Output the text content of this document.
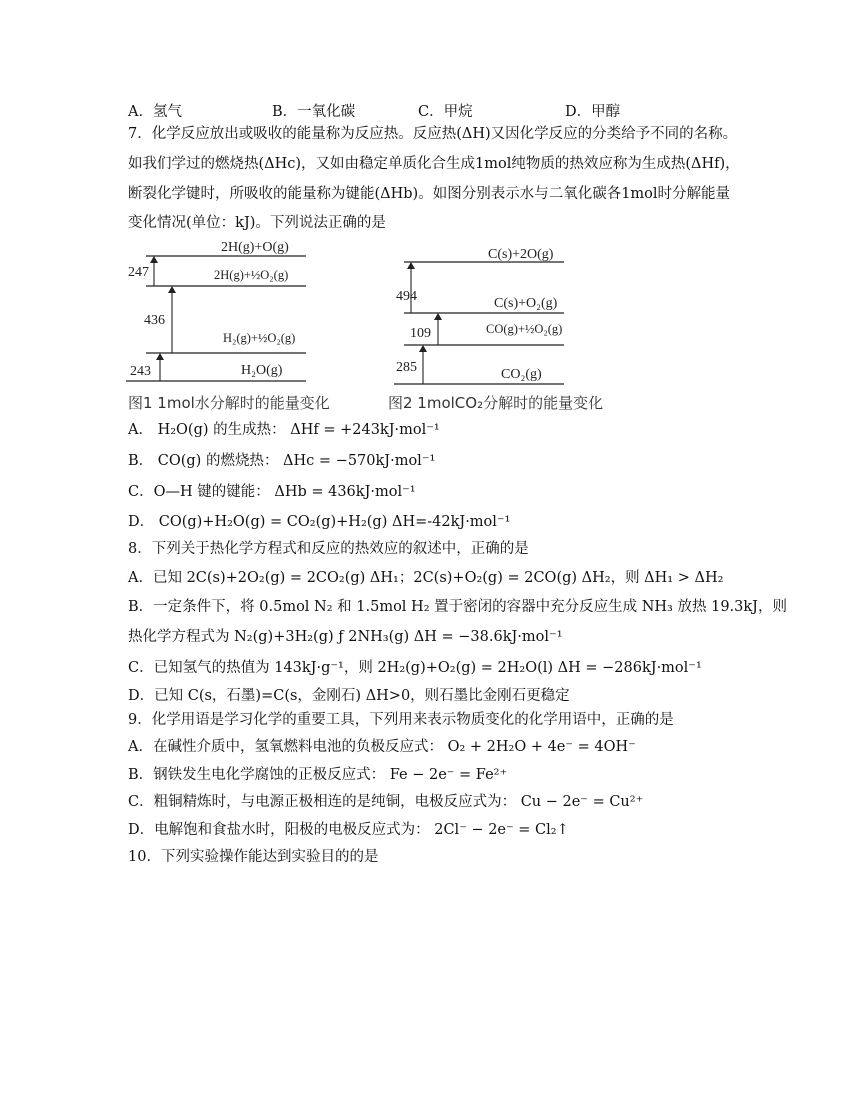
A．氢气	B．一氧化碳	C．甲烷	D．甲醇
7．化学反应放出或吸收的能量称为反应热。反应热(ΔH)又因化学反应的分类给予不同的名称。
如我们学过的燃烧热(ΔHc)，又如由稳定单质化合生成1mol纯物质的热效应称为生成热(ΔHf)，
断裂化学键时，所吸收的能量称为键能(ΔHb)。如图分别表示水与二氧化碳各1mol时分解能量
变化情况(单位：kJ)。下列说法正确的是
2H(g)+O(g)
2H(g)+½O₂(g)
H₂(g)+½O₂(g)
H₂O(g)
247
436
243
图1 1mol水分解时的能量变化
C(s)+2O(g)
C(s)+O₂(g)
CO(g)+½O₂(g)
CO₂(g)
494
109
285
图2 1molCO₂分解时的能量变化
A． H₂O(g) 的生成热： ΔHf = +243kJ·mol⁻¹
B． CO(g) 的燃烧热： ΔHc = −570kJ·mol⁻¹
C．O—H 键的键能： ΔHb = 436kJ·mol⁻¹
D． CO(g)+H₂O(g) = CO₂(g)+H₂(g) ΔH=-42kJ·mol⁻¹
8．下列关于热化学方程式和反应的热效应的叙述中，正确的是
A．已知 2C(s)+2O₂(g) = 2CO₂(g) ΔH₁；2C(s)+O₂(g) = 2CO(g) ΔH₂，则 ΔH₁ > ΔH₂
B．一定条件下，将 0.5mol N₂ 和 1.5mol H₂ 置于密闭的容器中充分反应生成 NH₃ 放热 19.3kJ，则
热化学方程式为 N₂(g)+3H₂(g) ƒ 2NH₃(g) ΔH = −38.6kJ·mol⁻¹
C．已知氢气的热值为 143kJ·g⁻¹，则 2H₂(g)+O₂(g) = 2H₂O(l) ΔH = −286kJ·mol⁻¹
D．已知 C(s，石墨)=C(s，金刚石) ΔH>0，则石墨比金刚石更稳定
9．化学用语是学习化学的重要工具，下列用来表示物质变化的化学用语中，正确的是
A．在碱性介质中，氢氧燃料电池的负极反应式： O₂ + 2H₂O + 4e⁻ = 4OH⁻
B．钢铁发生电化学腐蚀的正极反应式： Fe − 2e⁻ = Fe²⁺
C．粗铜精炼时，与电源正极相连的是纯铜，电极反应式为： Cu − 2e⁻ = Cu²⁺
D．电解饱和食盐水时，阳极的电极反应式为： 2Cl⁻ − 2e⁻ = Cl₂↑
10．下列实验操作能达到实验目的的是
